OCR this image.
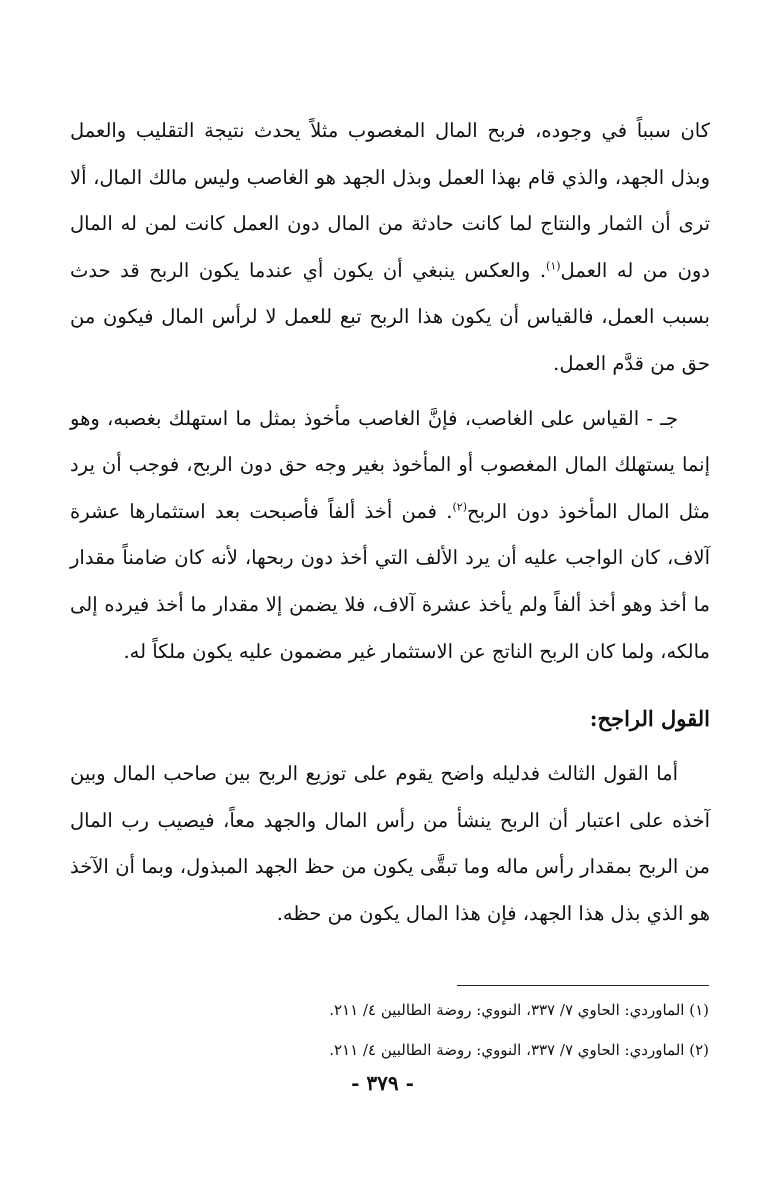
كان سبباً في وجوده، فربح المال المغصوب مثلاً يحدث نتيجة التقليب والعمل وبذل الجهد، والذي قام بهذا العمل وبذل الجهد هو الغاصب وليس مالك المال، ألا ترى أن الثمار والنتاج لما كانت حادثة من المال دون العمل كانت لمن له المال دون من له العمل$^{(١)}$. والعكس ينبغي أن يكون أي عندما يكون الربح قد حدث بسبب العمل، فالقياس أن يكون هذا الربح تبع للعمل لا لرأس المال فيكون من حق من قدَّم العمل.

جـ - القياس على الغاصب، فإنَّ الغاصب مأخوذ بمثل ما استهلك بغصبه، وهو إنما يستهلك المال المغصوب أو المأخوذ بغير وجه حق دون الربح، فوجب أن يرد مثل المال المأخوذ دون الربح$^{(٢)}$. فمن أخذ ألفاً فأصبحت بعد استثمارها عشرة آلاف، كان الواجب عليه أن يرد الألف التي أخذ دون ربحها، لأنه كان ضامناً مقدار ما أخذ وهو أخذ ألفاً ولم يأخذ عشرة آلاف، فلا يضمن إلا مقدار ما أخذ فيرده إلى مالكه، ولما كان الربح الناتج عن الاستثمار غير مضمون عليه يكون ملكاً له.

القول الراجح:

أما القول الثالث فدليله واضح يقوم على توزيع الربح بين صاحب المال وبين آخذه على اعتبار أن الربح ينشأ من رأس المال والجهد معاً، فيصيب رب المال من الربح بمقدار رأس ماله وما تبقَّى يكون من حظ الجهد المبذول، وبما أن الآخذ هو الذي بذل هذا الجهد، فإن هذا المال يكون من حظه.

(١) الماوردي: الحاوي ٧/ ٣٣٧، النووي: روضة الطالبين ٤/ ٢١١.

(٢) الماوردي: الحاوي ٧/ ٣٣٧، النووي: روضة الطالبين ٤/ ٢١١.

- ٣٧٩ -
